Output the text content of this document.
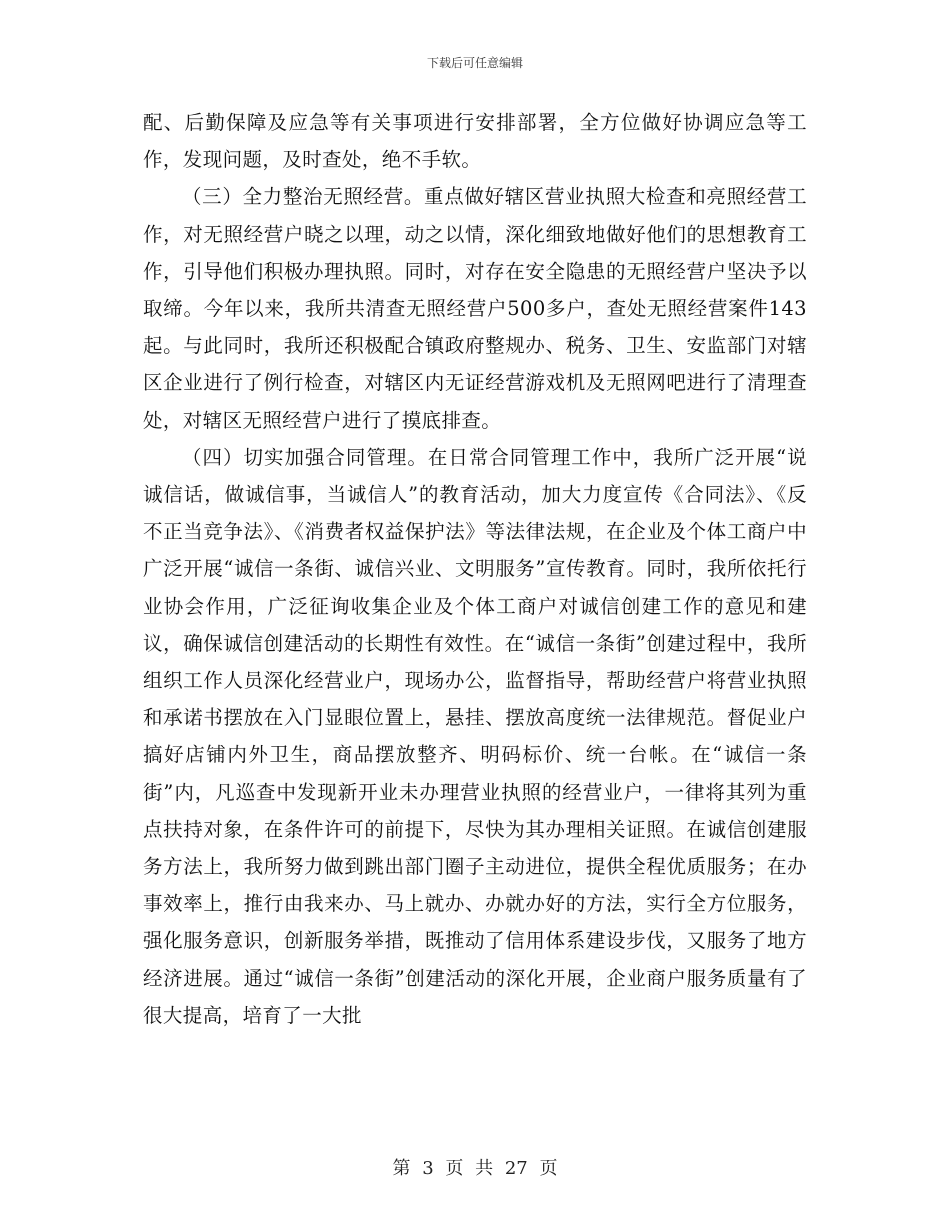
下载后可任意编辑

配、后勤保障及应急等有关事项进行安排部署，全方位做好协调应急等工作，发现问题，及时查处，绝不手软。

（三）全力整治无照经营。重点做好辖区营业执照大检查和亮照经营工作，对无照经营户晓之以理，动之以情，深化细致地做好他们的思想教育工作，引导他们积极办理执照。同时，对存在安全隐患的无照经营户坚决予以取缔。今年以来，我所共清查无照经营户500多户，查处无照经营案件143起。与此同时，我所还积极配合镇政府整规办、税务、卫生、安监部门对辖区企业进行了例行检查，对辖区内无证经营游戏机及无照网吧进行了清理查处，对辖区无照经营户进行了摸底排查。

（四）切实加强合同管理。在日常合同管理工作中，我所广泛开展“说诚信话，做诚信事，当诚信人”的教育活动，加大力度宣传《合同法》、《反不正当竞争法》、《消费者权益保护法》等法律法规，在企业及个体工商户中广泛开展“诚信一条街、诚信兴业、文明服务”宣传教育。同时，我所依托行业协会作用，广泛征询收集企业及个体工商户对诚信创建工作的意见和建议，确保诚信创建活动的长期性有效性。在“诚信一条街”创建过程中，我所组织工作人员深化经营业户，现场办公，监督指导，帮助经营户将营业执照和承诺书摆放在入门显眼位置上，悬挂、摆放高度统一法律规范。督促业户搞好店铺内外卫生，商品摆放整齐、明码标价、统一台帐。在“诚信一条街”内，凡巡查中发现新开业未办理营业执照的经营业户，一律将其列为重点扶持对象，在条件许可的前提下，尽快为其办理相关证照。在诚信创建服务方法上，我所努力做到跳出部门圈子主动进位，提供全程优质服务；在办事效率上，推行由我来办、马上就办、办就办好的方法，实行全方位服务，强化服务意识，创新服务举措，既推动了信用体系建设步伐，又服务了地方经济进展。通过“诚信一条街”创建活动的深化开展，企业商户服务质量有了很大提高，培育了一大批

第 3 页 共 27 页
